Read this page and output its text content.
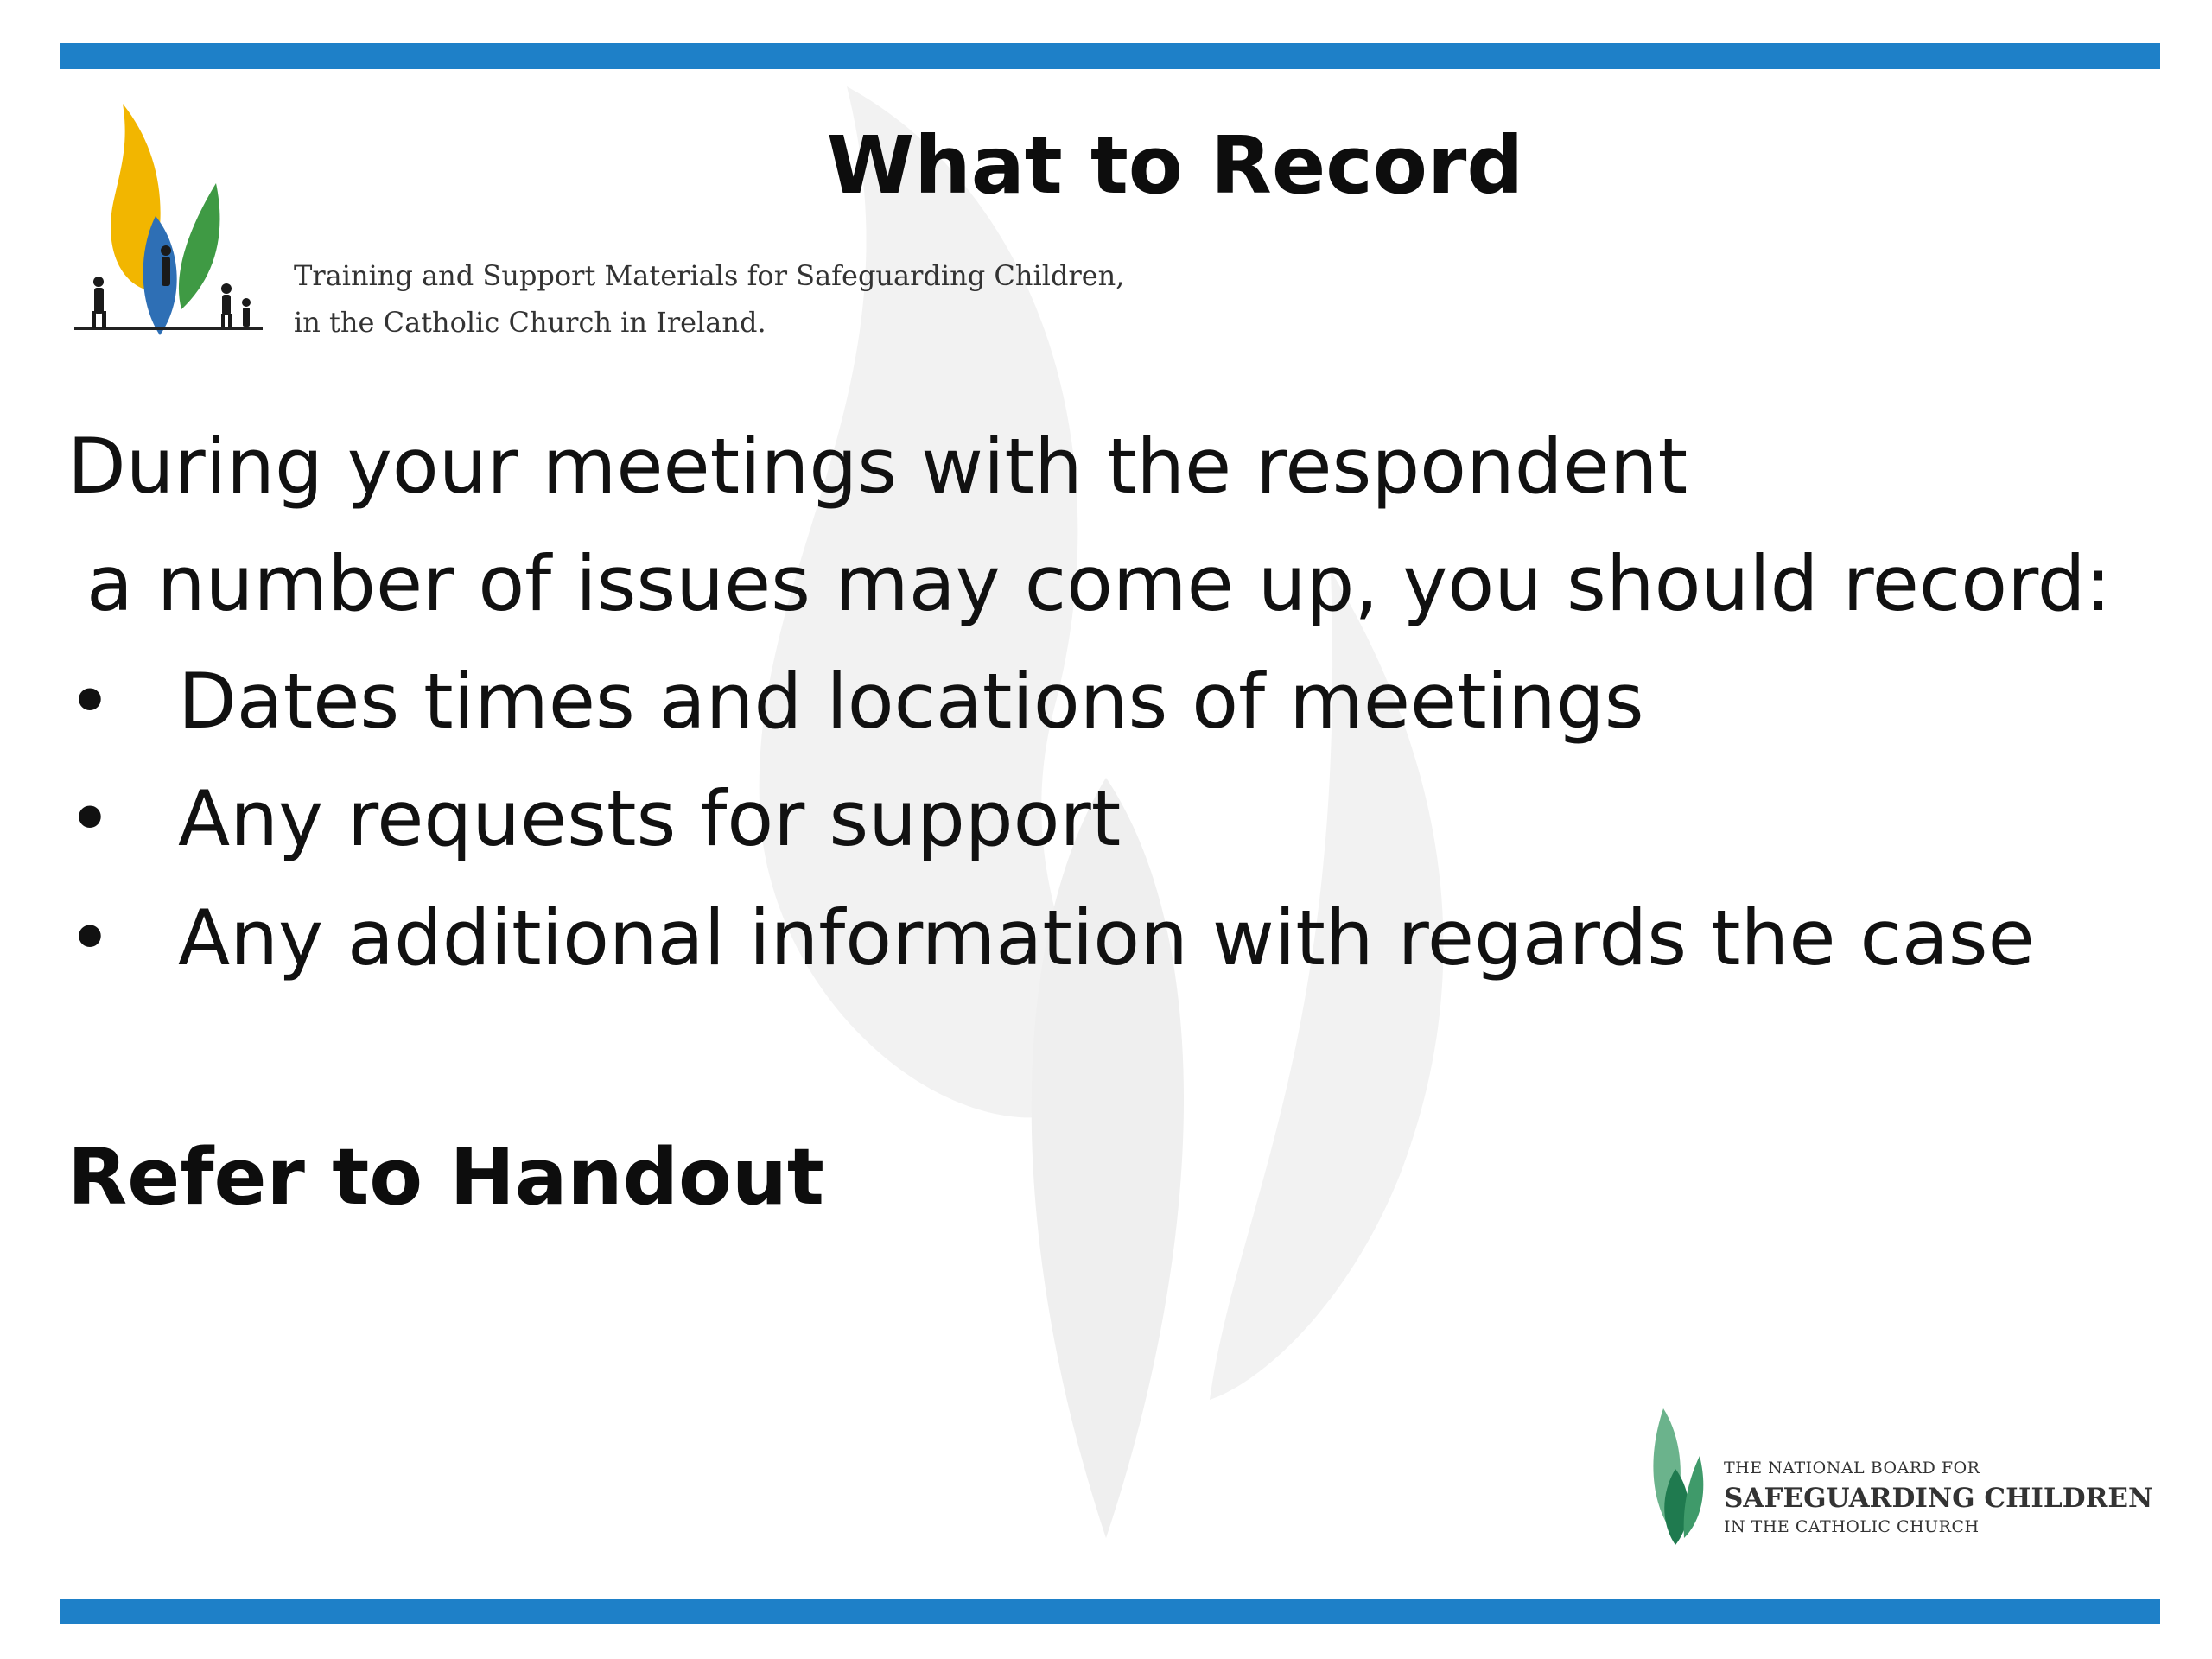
Training and Support Materials for Safeguarding Children,
in the Catholic Church in Ireland.
What to Record
During your meetings with the respondent
a number of issues may come up, you should record:
• Dates times and locations of meetings
• Any requests for support
• Any additional information with regards the case
Refer to Handout
THE NATIONAL BOARD FOR
SAFEGUARDING CHILDREN
IN THE CATHOLIC CHURCH
